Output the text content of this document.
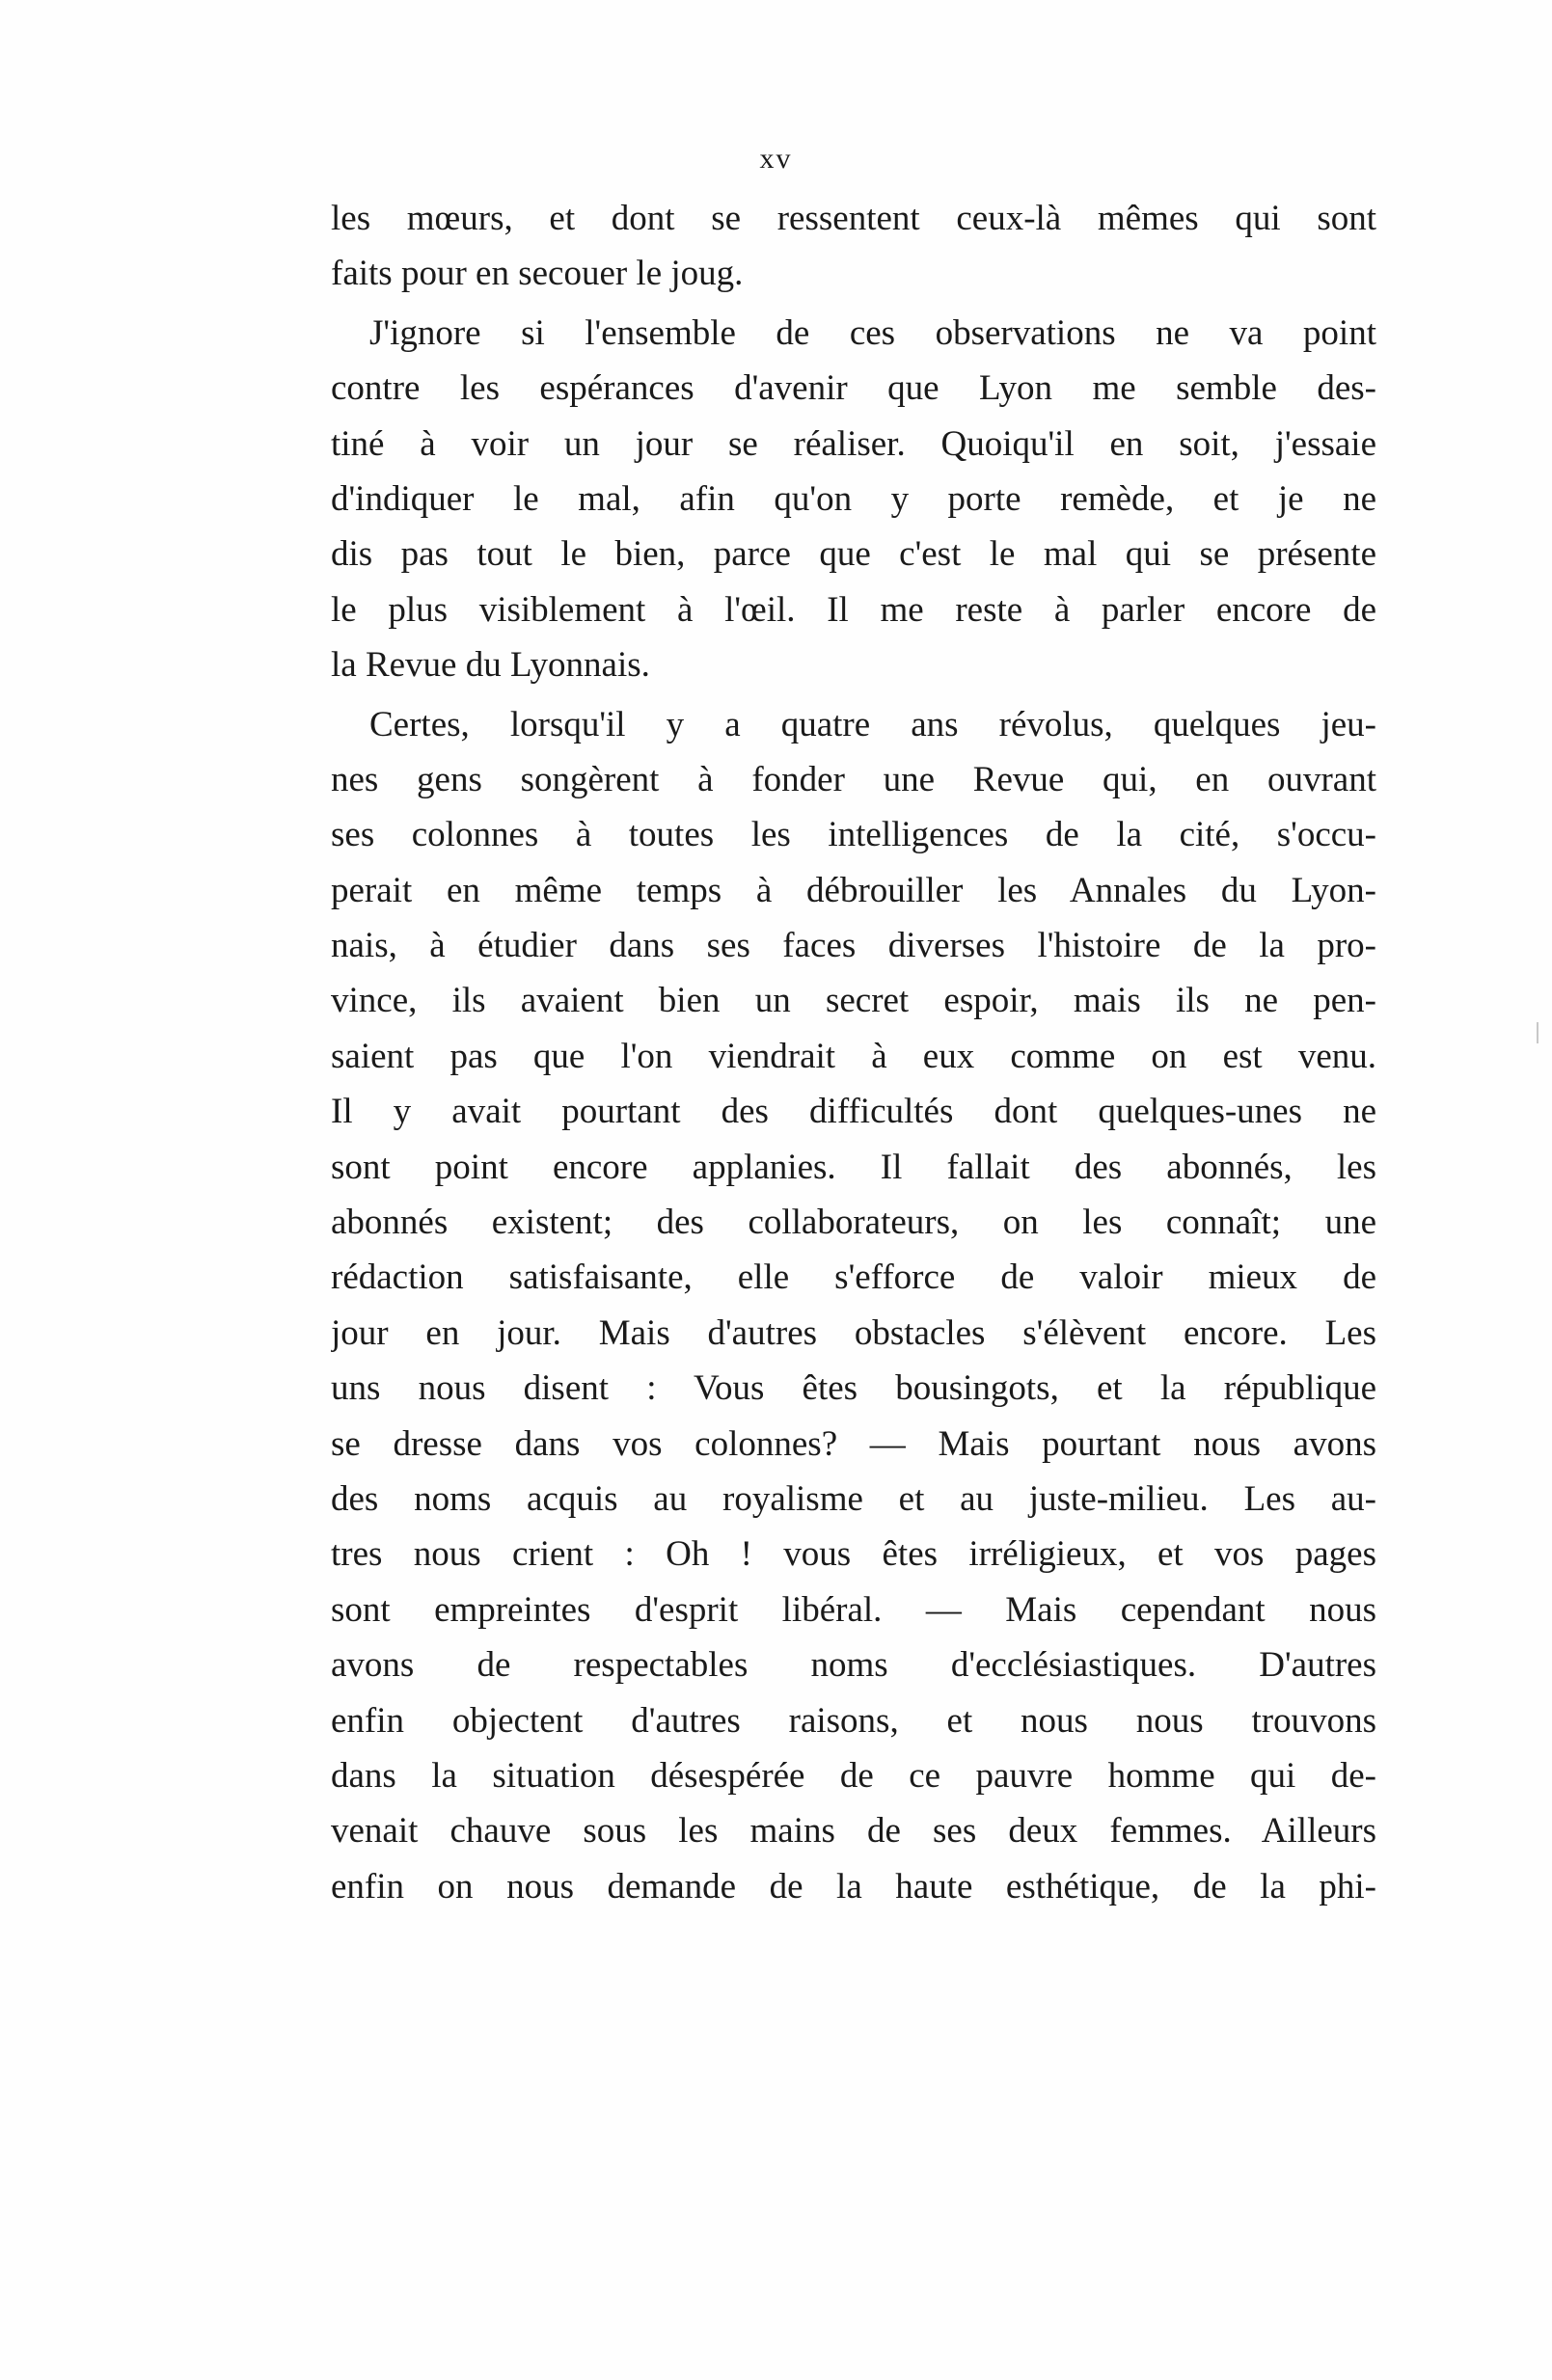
xv
les mœurs, et dont se ressentent ceux-là mêmes qui sont
faits pour en secouer le joug.
J'ignore si l'ensemble de ces observations ne va point
contre les espérances d'avenir que Lyon me semble des-
tiné à voir un jour se réaliser. Quoiqu'il en soit, j'essaie
d'indiquer le mal, afin qu'on y porte remède, et je ne
dis pas tout le bien, parce que c'est le mal qui se présente
le plus visiblement à l'œil. Il me reste à parler encore de
la Revue du Lyonnais.
Certes, lorsqu'il y a quatre ans révolus, quelques jeu-
nes gens songèrent à fonder une Revue qui, en ouvrant
ses colonnes à toutes les intelligences de la cité, s'occu-
perait en même temps à débrouiller les Annales du Lyon-
nais, à étudier dans ses faces diverses l'histoire de la pro-
vince, ils avaient bien un secret espoir, mais ils ne pen-
saient pas que l'on viendrait à eux comme on est venu.
Il y avait pourtant des difficultés dont quelques-unes ne
sont point encore applanies. Il fallait des abonnés, les
abonnés existent; des collaborateurs, on les connaît; une
rédaction satisfaisante, elle s'efforce de valoir mieux de
jour en jour. Mais d'autres obstacles s'élèvent encore. Les
uns nous disent : Vous êtes bousingots, et la république
se dresse dans vos colonnes? — Mais pourtant nous avons
des noms acquis au royalisme et au juste-milieu. Les au-
tres nous crient : Oh ! vous êtes irréligieux, et vos pages
sont empreintes d'esprit libéral. — Mais cependant nous
avons de respectables noms d'ecclésiastiques. D'autres
enfin objectent d'autres raisons, et nous nous trouvons
dans la situation désespérée de ce pauvre homme qui de-
venait chauve sous les mains de ses deux femmes. Ailleurs
enfin on nous demande de la haute esthétique, de la phi-
